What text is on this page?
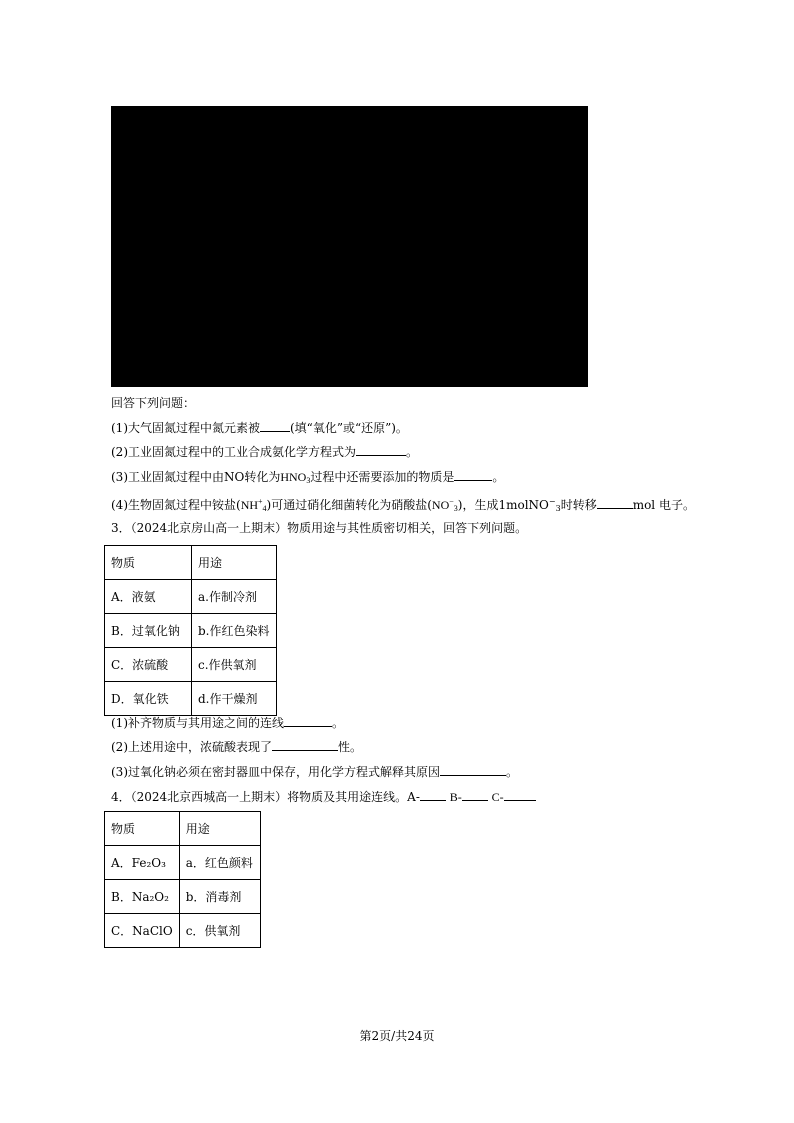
回答下列问题：
(1)大气固氮过程中氮元素被	(填“氧化”或“还原”)。
(2)工业固氮过程中的工业合成氨化学方程式为	。
(3)工业固氮过程中由NO转化为$HNO_3$过程中还需要添加的物质是	。
(4)生物固氮过程中铵盐$(NH^+_4)$可通过硝化细菌转化为硝酸盐$(NO^-_3)$，生成1molNO−$_3$时转移	mol 电子。
3．（2024北京房山高一上期末）物质用途与其性质密切相关，回答下列问题。
物质	用途
A．液氨	a.作制冷剂
B．过氧化钠	b.作红色染料
C．浓硫酸	c.作供氧剂
D．氧化铁	d.作干燥剂
(1)补齐物质与其用途之间的连线	。
(2)上述用途中，浓硫酸表现了	性。
(3)过氧化钠必须在密封器皿中保存，用化学方程式解释其原因	。
4．（2024北京西城高一上期末）将物质及其用途连线。A- B- C-
物质	用途
A．Fe₂O₃	a．红色颜料
B．Na₂O₂	b．消毒剂
C．NaClO	c．供氧剂
第2页/共24页
